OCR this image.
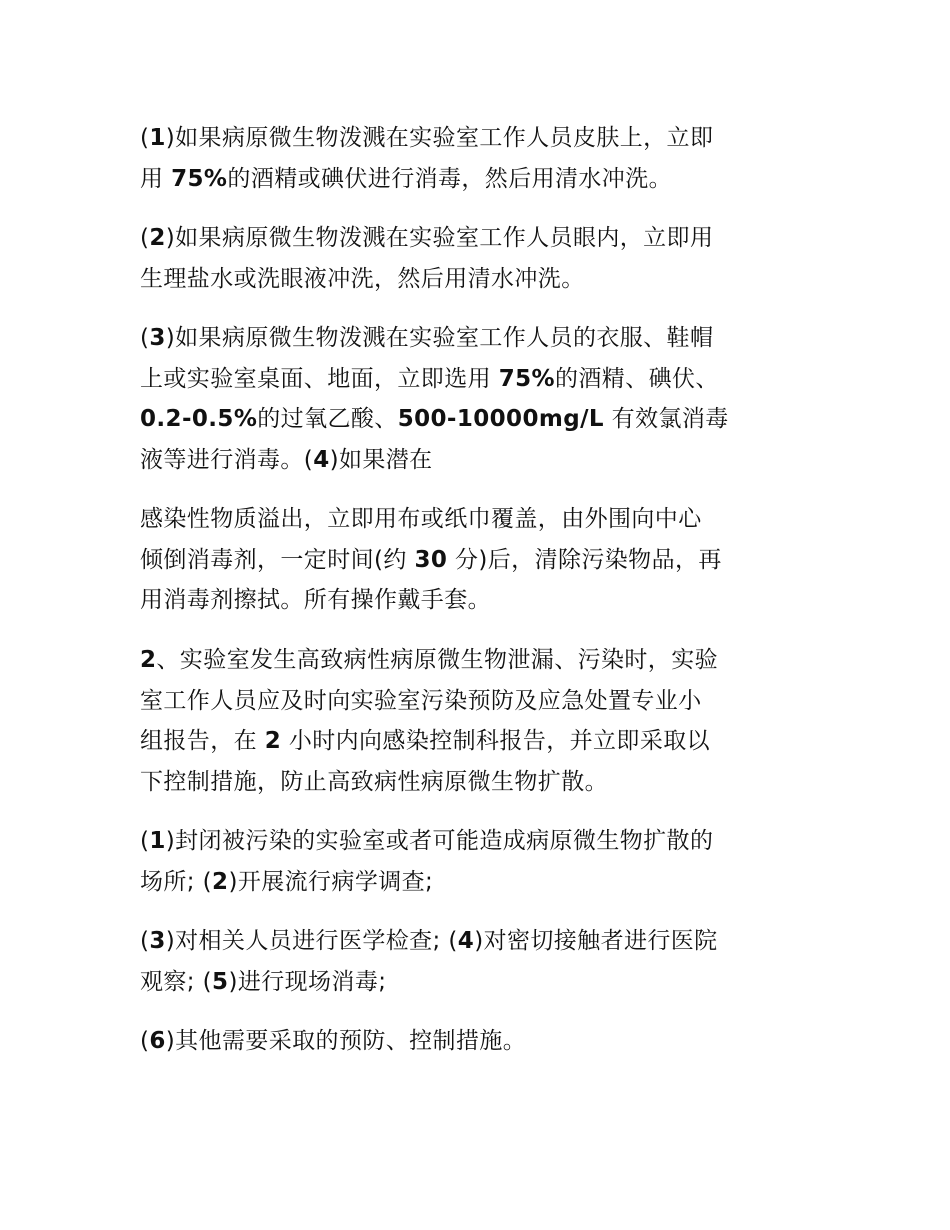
(1)如果病原微生物泼溅在实验室工作人员皮肤上，立即
用 75%的酒精或碘伏进行消毒，然后用清水冲洗。
(2)如果病原微生物泼溅在实验室工作人员眼内，立即用
生理盐水或洗眼液冲洗，然后用清水冲洗。
(3)如果病原微生物泼溅在实验室工作人员的衣服、鞋帽
上或实验室桌面、地面，立即选用 75%的酒精、碘伏、
0.2-0.5%的过氧乙酸、500-10000mg/L 有效氯消毒
液等进行消毒。(4)如果潜在
感染性物质溢出，立即用布或纸巾覆盖，由外围向中心
倾倒消毒剂，一定时间(约 30 分)后，清除污染物品，再
用消毒剂擦拭。所有操作戴手套。
2、实验室发生高致病性病原微生物泄漏、污染时，实验
室工作人员应及时向实验室污染预防及应急处置专业小
组报告，在 2 小时内向感染控制科报告，并立即采取以
下控制措施，防止高致病性病原微生物扩散。
(1)封闭被污染的实验室或者可能造成病原微生物扩散的
场所; (2)开展流行病学调查;
(3)对相关人员进行医学检查; (4)对密切接触者进行医院
观察; (5)进行现场消毒;
(6)其他需要采取的预防、控制措施。
